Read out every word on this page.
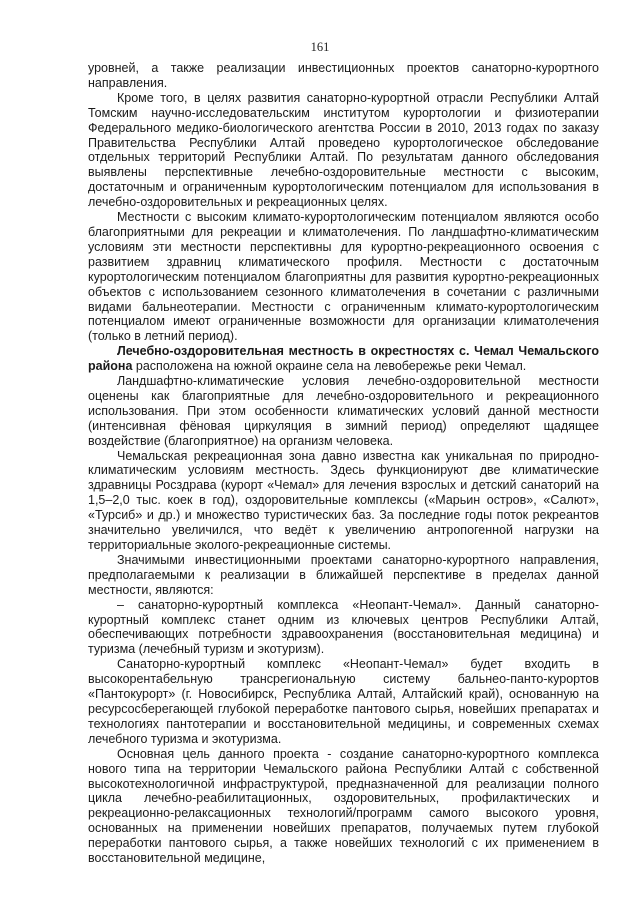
161

уровней, а также реализации инвестиционных проектов санаторно-курортного направления.

Кроме того, в целях развития санаторно-курортной отрасли Республики Алтай Томским научно-исследовательским институтом курортологии и физиотерапии Федерального медико-биологического агентства России в 2010, 2013 годах по заказу Правительства Республики Алтай проведено курортологическое обследование отдельных территорий Республики Алтай. По результатам данного обследования выявлены перспективные лечебно-оздоровительные местности с высоким, достаточным и ограниченным курортологическим потенциалом для использования в лечебно-оздоровительных и рекреационных целях.

Местности с высоким климато-курортологическим потенциалом являются особо благоприятными для рекреации и климатолечения. По ландшафтно-климатическим условиям эти местности перспективны для курортно-рекреационного освоения с развитием здравниц климатического профиля. Местности с достаточным курортологическим потенциалом благоприятны для развития курортно-рекреационных объектов с использованием сезонного климатолечения в сочетании с различными видами бальнеотерапии. Местности с ограниченным климато-курортологическим потенциалом имеют ограниченные возможности для организации климатолечения (только в летний период).

Лечебно-оздоровительная местность в окрестностях с. Чемал Чемальского района расположена на южной окраине села на левобережье реки Чемал.

Ландшафтно-климатические условия лечебно-оздоровительной местности оценены как благоприятные для лечебно-оздоровительного и рекреационного использования. При этом особенности климатических условий данной местности (интенсивная фёновая циркуляция в зимний период) определяют щадящее воздействие (благоприятное) на организм человека.

Чемальская рекреационная зона давно известна как уникальная по природно-климатическим условиям местность. Здесь функционируют две климатические здравницы Росздрава (курорт «Чемал» для лечения взрослых и детский санаторий на 1,5–2,0 тыс. коек в год), оздоровительные комплексы («Марьин остров», «Салют», «Турсиб» и др.) и множество туристических баз. За последние годы поток рекреантов значительно увеличился, что ведёт к увеличению антропогенной нагрузки на территориальные эколого-рекреационные системы.

Значимыми инвестиционными проектами санаторно-курортного направления, предполагаемыми к реализации в ближайшей перспективе в пределах данной местности, являются:

– санаторно-курортный комплекса «Неопант-Чемал». Данный санаторно-курортный комплекс станет одним из ключевых центров Республики Алтай, обеспечивающих потребности здравоохранения (восстановительная медицина) и туризма (лечебный туризм и экотуризм).

Санаторно-курортный комплекс «Неопант-Чемал» будет входить в высокорентабельную трансрегиональную систему бальнео-панто-курортов «Пантокурорт» (г. Новосибирск, Республика Алтай, Алтайский край), основанную на ресурсосберегающей глубокой переработке пантового сырья, новейших препаратах и технологиях пантотерапии и восстановительной медицины, и современных схемах лечебного туризма и экотуризма.

Основная цель данного проекта - создание санаторно-курортного комплекса нового типа на территории Чемальского района Республики Алтай с собственной высокотехнологичной инфраструктурой, предназначенной для реализации полного цикла лечебно-реабилитационных, оздоровительных, профилактических и рекреационно-релаксационных технологий/программ самого высокого уровня, основанных на применении новейших препаратов, получаемых путем глубокой переработки пантового сырья, а также новейших технологий с их применением в восстановительной медицине,
